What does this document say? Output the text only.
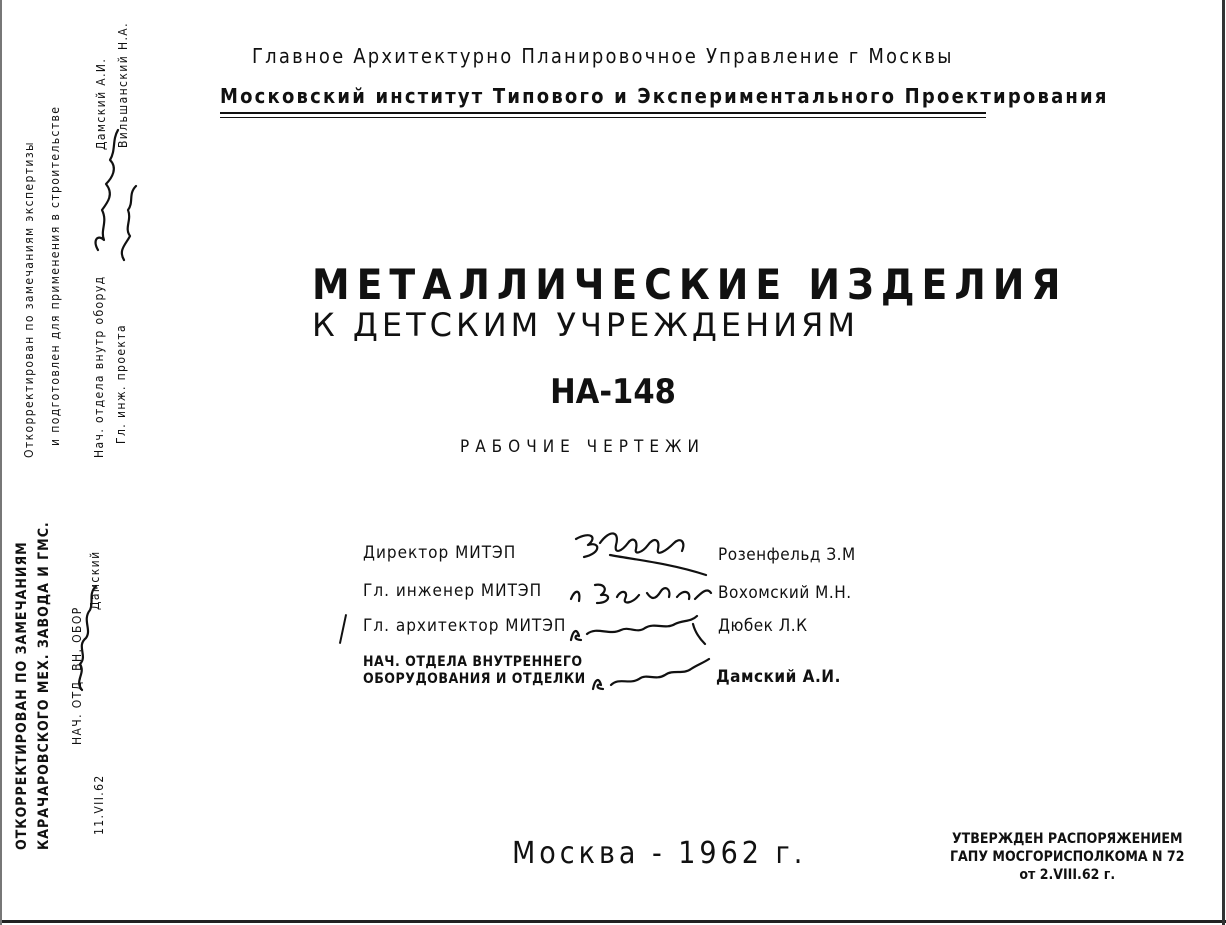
Главное Архитектурно Планировочное Управление г Москвы
Московский институт Типового и Экспериментального Проектирования
МЕТАЛЛИЧЕСКИЕ ИЗДЕЛИЯ
К ДЕТСКИМ УЧРЕЖДЕНИЯМ
НА-148
РАБОЧИЕ ЧЕРТЕЖИ
Директор МИТЭП	Розенфельд З.М
Гл. инженер МИТЭП	Вохомский М.Н.
Гл. архитектор МИТЭП	Дюбек Л.К
НАЧ. ОТДЕЛА ВНУТРЕННЕГО
ОБОРУДОВАНИЯ И ОТДЕЛКИ	Дамский А.И.
Москва - 1962 г.	УТВЕРЖДЕН РАСПОРЯЖЕНИЕМ
ГАПУ МОСГОРИСПОЛКОМА N 72
от 2.VIII.62 г.
Откорректирован по замечаниям экспертизы и подготовлен для применения в строительстве	Нач. отдела внутр оборуд Гл. инж. проекта
Дамский А.И. Вильшанский Н.А.
ОТКОРРЕКТИРОВАН ПО ЗАМЕЧАНИЯМ КАРАЧАРОВСКОГО МЕХ. ЗАВОДА И ГМС. НАЧ. ОТД. ВН. ОБОР
Дамский
11.VII.62
